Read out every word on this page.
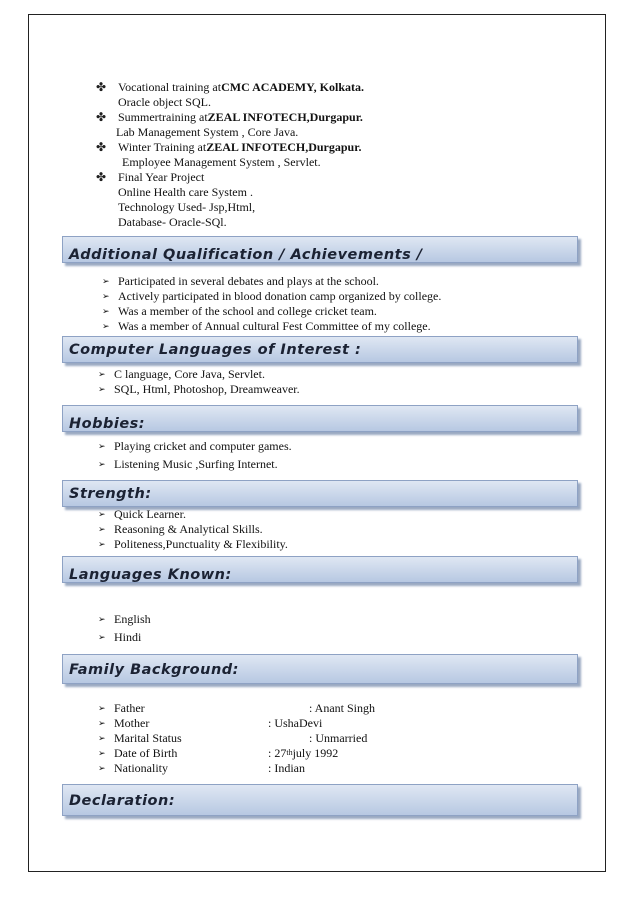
✤ Vocational training at CMC ACADEMY, Kolkata.
Oracle object SQL.
✤ Summertraining at ZEAL INFOTECH,Durgapur.
Lab Management System , Core Java.
✤ Winter Training at ZEAL INFOTECH ,Durgapur.
Employee Management System , Servlet.
✤ Final Year Project
Online Health care System .
Technology Used- Jsp,Html,
Database- Oracle-SQl.
Additional Qualification / Achievements /
➢ Participated in several debates and plays at the school.
➢ Actively participated in blood donation camp organized by college.
➢ Was a member of the school and college cricket team.
➢ Was a member of Annual cultural Fest Committee of my college.
Computer Languages of Interest :
➢ C language, Core Java, Servlet.
➢ SQL, Html, Photoshop, Dreamweaver.
Hobbies:
➢ Playing cricket and computer games.
➢ Listening Music ,Surfing Internet.
Strength:
➢ Quick Learner.
➢ Reasoning & Analytical Skills.
➢ Politeness,Punctuality & Flexibility.
Languages Known:
➢ English
➢ Hindi
Family Background:
➢ Father	: Anant Singh
➢ Mother	: UshaDevi
➢ Marital Status	: Unmarried
➢ Date of Birth	: 27th july 1992
➢ Nationality	: Indian
Declaration:
